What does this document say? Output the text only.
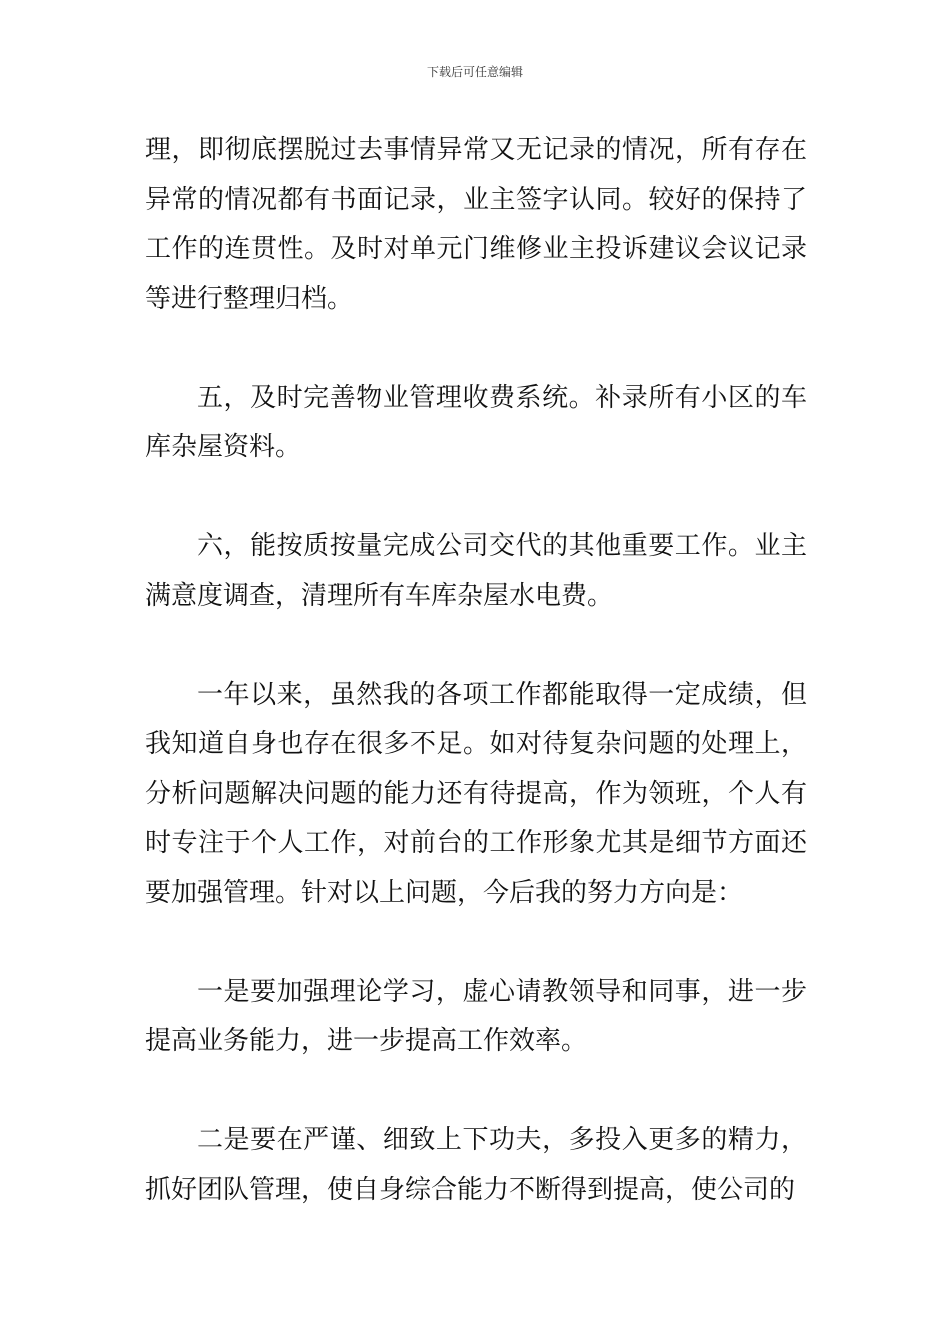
下载后可任意编辑

理，即彻底摆脱过去事情异常又无记录的情况，所有存在异常的情况都有书面记录，业主签字认同。较好的保持了工作的连贯性。及时对单元门维修业主投诉建议会议记录等进行整理归档。

五，及时完善物业管理收费系统。补录所有小区的车库杂屋资料。

六，能按质按量完成公司交代的其他重要工作。业主满意度调查，清理所有车库杂屋水电费。

一年以来，虽然我的各项工作都能取得一定成绩，但我知道自身也存在很多不足。如对待复杂问题的处理上，分析问题解决问题的能力还有待提高，作为领班，个人有时专注于个人工作，对前台的工作形象尤其是细节方面还要加强管理。针对以上问题，今后我的努力方向是：

一是要加强理论学习，虚心请教领导和同事，进一步提高业务能力，进一步提高工作效率。

二是要在严谨、细致上下功夫，多投入更多的精力，抓好团队管理，使自身综合能力不断得到提高，使公司的
